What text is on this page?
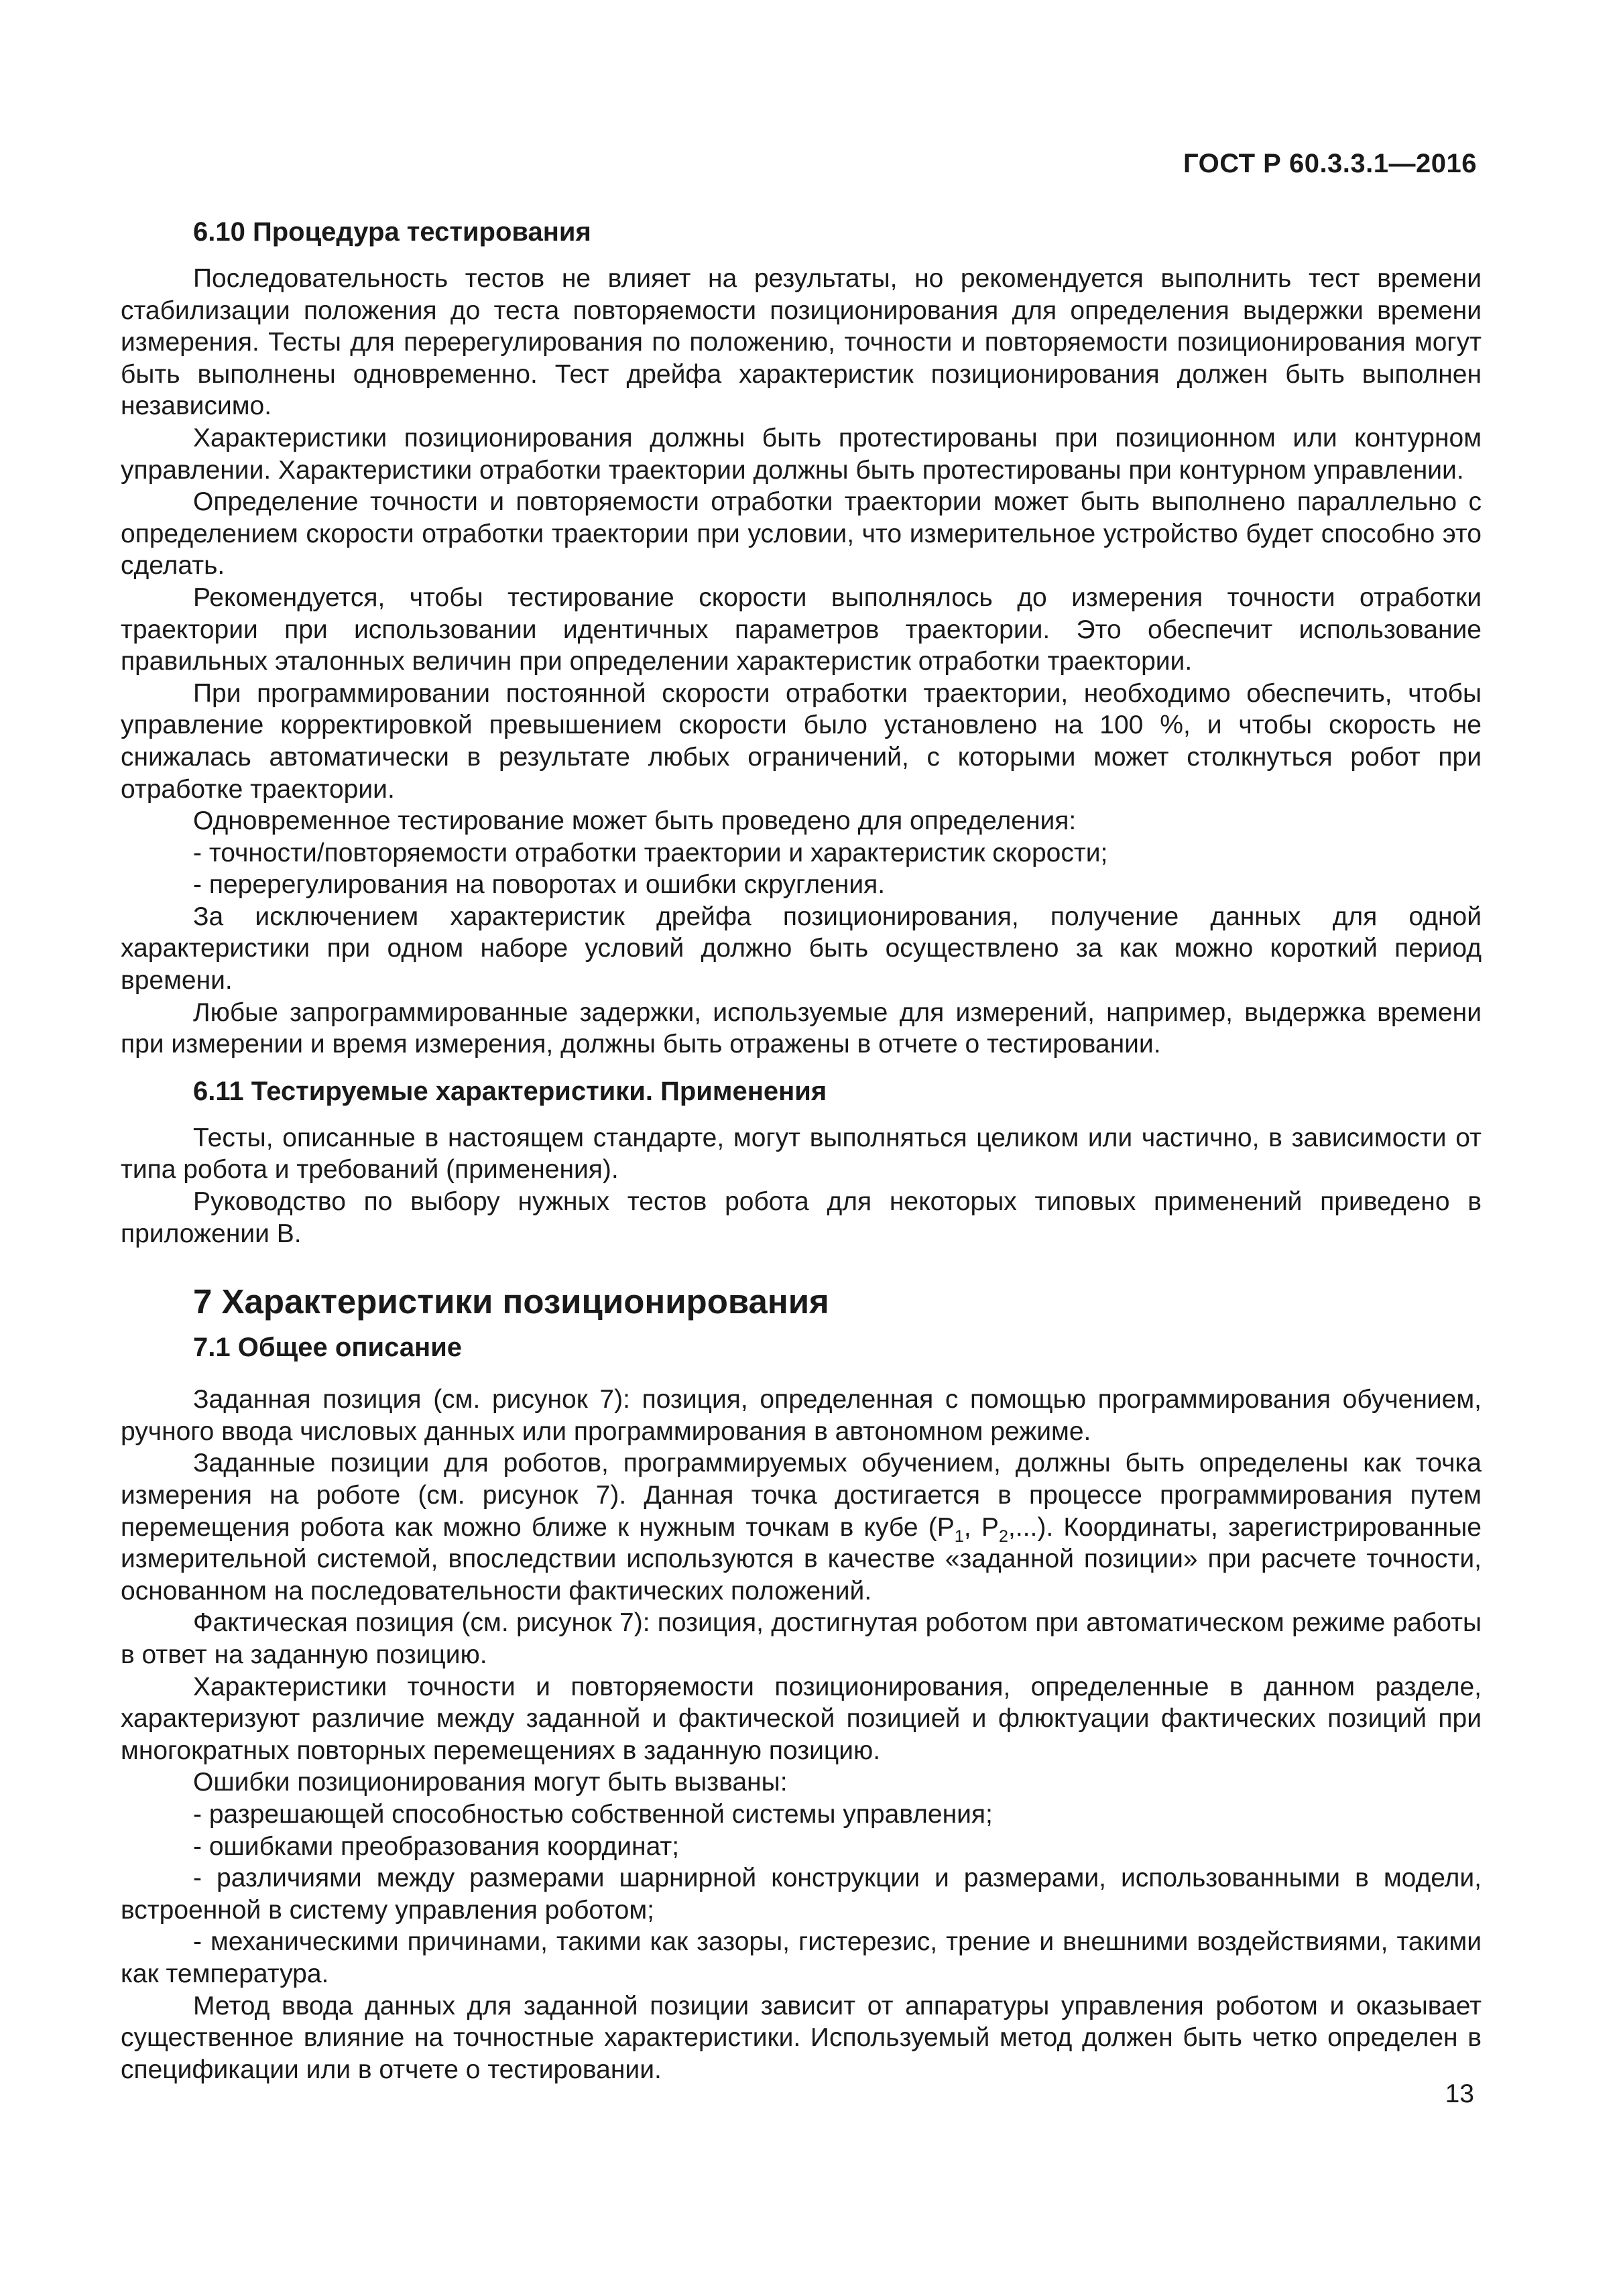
ГОСТ Р 60.3.3.1—2016
6.10 Процедура тестирования

Последовательность тестов не влияет на результаты, но рекомендуется выполнить тест времени стабилизации положения до теста повторяемости позиционирования для определения выдержки времени измерения. Тесты для перерегулирования по положению, точности и повторяемости позиционирования могут быть выполнены одновременно. Тест дрейфа характеристик позиционирования должен быть выполнен независимо.

Характеристики позиционирования должны быть протестированы при позиционном или контурном управлении. Характеристики отработки траектории должны быть протестированы при контурном управлении.

Определение точности и повторяемости отработки траектории может быть выполнено параллельно с определением скорости отработки траектории при условии, что измерительное устройство будет способно это сделать.

Рекомендуется, чтобы тестирование скорости выполнялось до измерения точности отработки траектории при использовании идентичных параметров траектории. Это обеспечит использование правильных эталонных величин при определении характеристик отработки траектории.

При программировании постоянной скорости отработки траектории, необходимо обеспечить, чтобы управление корректировкой превышением скорости было установлено на 100 %, и чтобы скорость не снижалась автоматически в результате любых ограничений, с которыми может столкнуться робот при отработке траектории.

Одновременное тестирование может быть проведено для определения:

- точности/повторяемости отработки траектории и характеристик скорости;

- перерегулирования на поворотах и ошибки скругления.

За исключением характеристик дрейфа позиционирования, получение данных для одной характеристики при одном наборе условий должно быть осуществлено за как можно короткий период времени.

Любые запрограммированные задержки, используемые для измерений, например, выдержка времени при измерении и время измерения, должны быть отражены в отчете о тестировании.

6.11 Тестируемые характеристики. Применения

Тесты, описанные в настоящем стандарте, могут выполняться целиком или частично, в зависимости от типа робота и требований (применения).

Руководство по выбору нужных тестов робота для некоторых типовых применений приведено в приложении В.

7 Характеристики позиционирования
7.1 Общее описание

Заданная позиция (см. рисунок 7): позиция, определенная с помощью программирования обучением, ручного ввода числовых данных или программирования в автономном режиме.

Заданные позиции для роботов, программируемых обучением, должны быть определены как точка измерения на роботе (см. рисунок 7). Данная точка достигается в процессе программирования путем перемещения робота как можно ближе к нужным точкам в кубе ($P_1$, $P_2$,...). Координаты, зарегистрированные измерительной системой, впоследствии используются в качестве «заданной позиции» при расчете точности, основанном на последовательности фактических положений.

Фактическая позиция (см. рисунок 7): позиция, достигнутая роботом при автоматическом режиме работы в ответ на заданную позицию.

Характеристики точности и повторяемости позиционирования, определенные в данном разделе, характеризуют различие между заданной и фактической позицией и флюктуации фактических позиций при многократных повторных перемещениях в заданную позицию.

Ошибки позиционирования могут быть вызваны:

- разрешающей способностью собственной системы управления;

- ошибками преобразования координат;

- различиями между размерами шарнирной конструкции и размерами, использованными в модели, встроенной в систему управления роботом;

- механическими причинами, такими как зазоры, гистерезис, трение и внешними воздействиями, такими как температура.

Метод ввода данных для заданной позиции зависит от аппаратуры управления роботом и оказывает существенное влияние на точностные характеристики. Используемый метод должен быть четко определен в спецификации или в отчете о тестировании.

13
